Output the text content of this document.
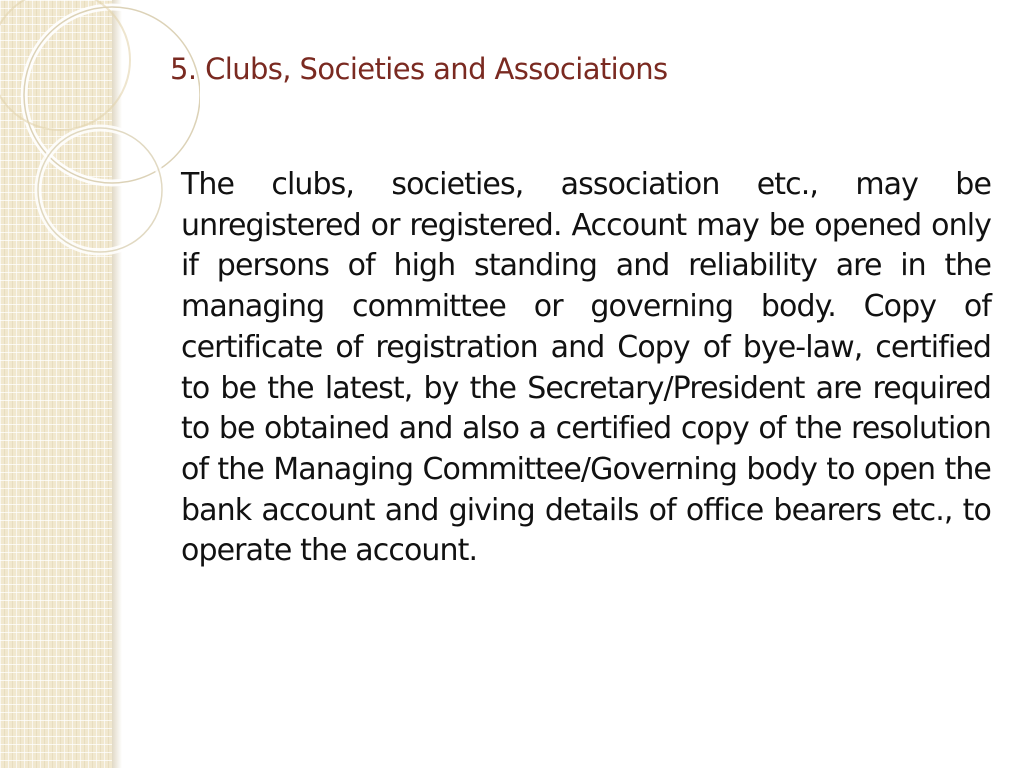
5. Clubs, Societies and Associations

The clubs, societies, association etc., may be unregistered or registered. Account may be opened only if persons of high standing and reliability are in the managing committee or governing body. Copy of certificate of registration and Copy of bye-law, certified to be the latest, by the Secretary/President are required to be obtained and also a certified copy of the resolution of the Managing Committee/Governing body to open the bank account and giving details of office bearers etc., to operate the account.
